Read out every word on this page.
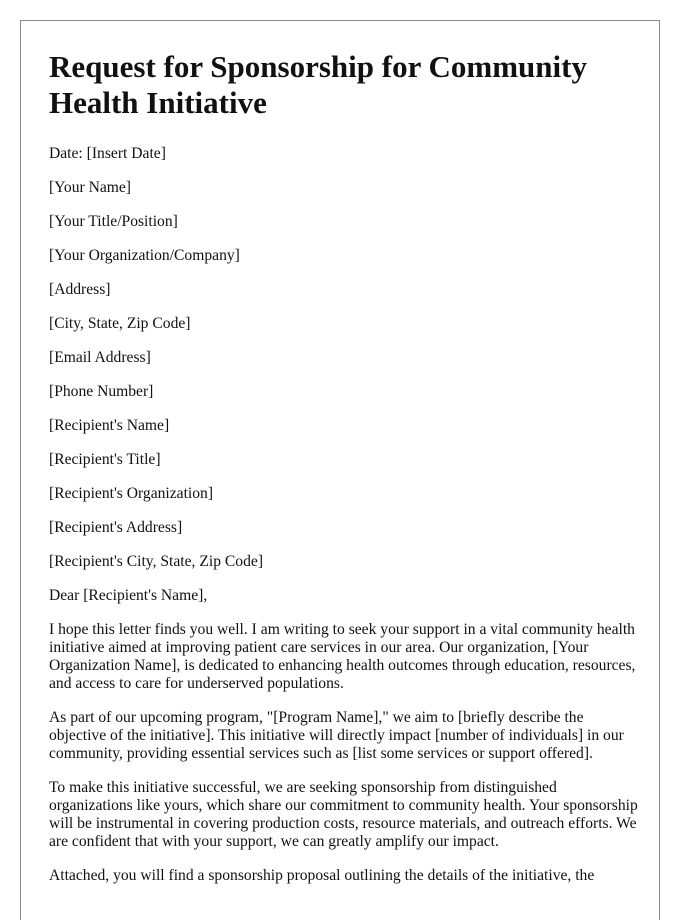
Request for Sponsorship for Community Health Initiative

Date: [Insert Date]

[Your Name]

[Your Title/Position]

[Your Organization/Company]

[Address]

[City, State, Zip Code]

[Email Address]

[Phone Number]

[Recipient's Name]

[Recipient's Title]

[Recipient's Organization]

[Recipient's Address]

[Recipient's City, State, Zip Code]

Dear [Recipient's Name],

I hope this letter finds you well. I am writing to seek your support in a vital community health initiative aimed at improving patient care services in our area. Our organization, [Your Organization Name], is dedicated to enhancing health outcomes through education, resources, and access to care for underserved populations.

As part of our upcoming program, "[Program Name]," we aim to [briefly describe the objective of the initiative]. This initiative will directly impact [number of individuals] in our community, providing essential services such as [list some services or support offered].

To make this initiative successful, we are seeking sponsorship from distinguished organizations like yours, which share our commitment to community health. Your sponsorship will be instrumental in covering production costs, resource materials, and outreach efforts. We are confident that with your support, we can greatly amplify our impact.

Attached, you will find a sponsorship proposal outlining the details of the initiative, the
